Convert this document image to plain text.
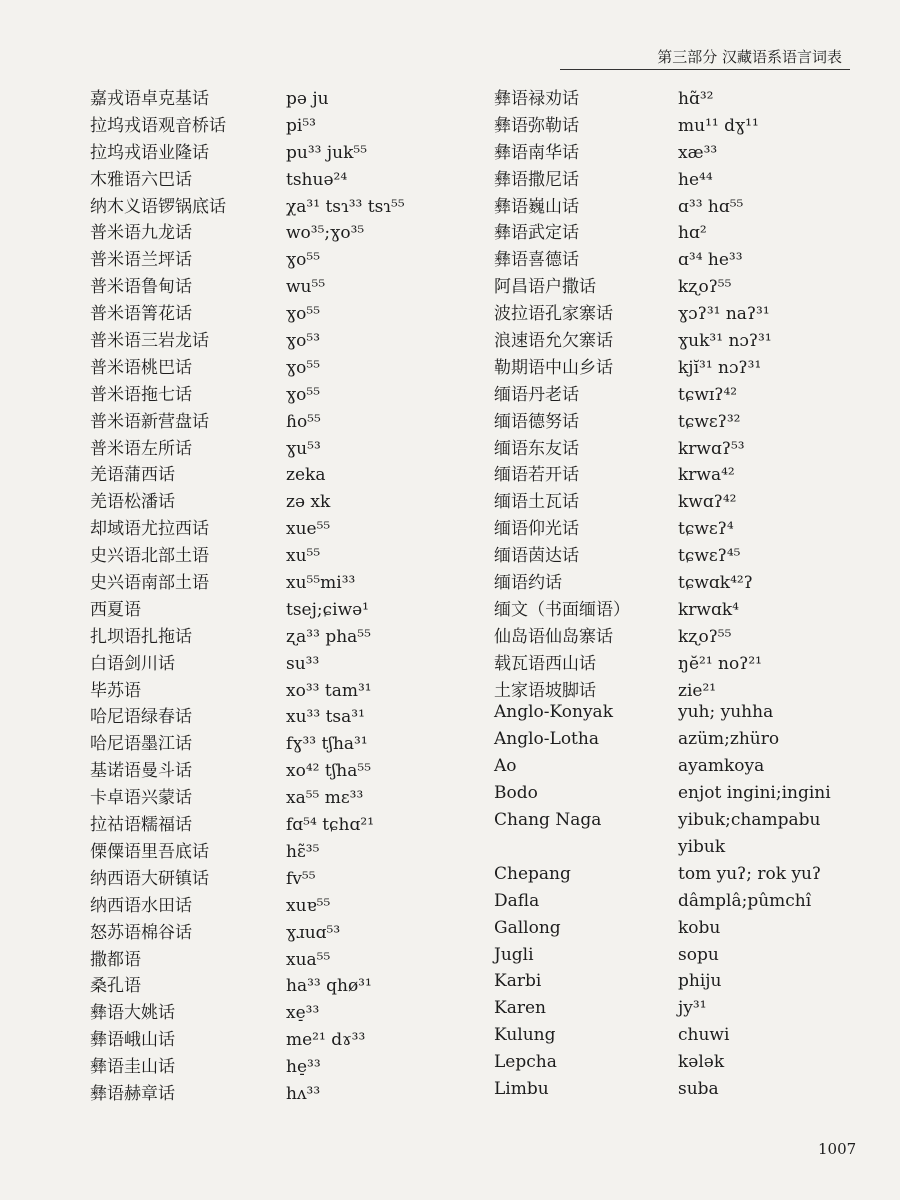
第三部分 汉藏语系语言词表
嘉戎语卓克基话	pə ju
拉坞戎语观音桥话	pi⁵³
拉坞戎语业隆话	pu³³ juk⁵⁵
木雅语六巴话	tshuə²⁴
纳木义语锣锅底话	χa³¹ tsɿ³³ tsɿ⁵⁵
普米语九龙话	wo³⁵;ɣo³⁵
普米语兰坪话	ɣo⁵⁵
普米语鲁甸话	wu⁵⁵
普米语箐花话	ɣo⁵⁵
普米语三岩龙话	ɣo⁵³
普米语桃巴话	ɣo⁵⁵
普米语拖七话	ɣo⁵⁵
普米语新营盘话	ɦo⁵⁵
普米语左所话	ɣu⁵³
羌语蒲西话	zeka
羌语松潘话	zə xk
却域语尤拉西话	xue⁵⁵
史兴语北部土语	xu⁵⁵
史兴语南部土语	xu⁵⁵mi³³
西夏语	tsej;ɕiwə¹
扎坝语扎拖话	ʐa³³ pha⁵⁵
白语剑川话	su³³
毕苏语	xo³³ tam³¹
哈尼语绿春话	xu³³ tsa³¹
哈尼语墨江话	fɣ³³ tʃha³¹
基诺语曼斗话	xo⁴² tʃha⁵⁵
卡卓语兴蒙话	xa⁵⁵ mɛ³³
拉祜语糯福话	fɑ⁵⁴ tɕhɑ²¹
傈僳语里吾底话	hɛ̃³⁵
纳西语大研镇话	fv⁵⁵
纳西语水田话	xuɐ⁵⁵
怒苏语棉谷话	ɣɹuɑ⁵³
撒都语	xua⁵⁵
桑孔语	ha³³ qhø³¹
彝语大姚话	xe̠³³
彝语峨山话	me²¹ dɤ³³
彝语圭山话	he̠³³
彝语赫章话	hʌ³³
彝语禄劝话	hɑ̃³²
彝语弥勒话	mu¹¹ dɣ¹¹
彝语南华话	xæ³³
彝语撒尼话	he⁴⁴
彝语巍山话	ɑ³³ hɑ⁵⁵
彝语武定话	hɑ²
彝语喜德话	ɑ³⁴ he³³
阿昌语户撒话	kʐoʔ⁵⁵
波拉语孔家寨话	ɣɔʔ³¹ naʔ³¹
浪速语允欠寨话	ɣuk³¹ nɔʔ³¹
勒期语中山乡话	kjĭ³¹ nɔʔ³¹
缅语丹老话	tɕwɪʔ⁴²
缅语德努话	tɕwɛʔ³²
缅语东友话	krwɑʔ⁵³
缅语若开话	krwa⁴²
缅语土瓦话	kwɑʔ⁴²
缅语仰光话	tɕwɛʔ⁴
缅语茵达话	tɕwɛʔ⁴⁵
缅语约话	tɕwɑk⁴²ʔ
缅文（书面缅语）	krwɑk⁴
仙岛语仙岛寨话	kʐoʔ⁵⁵
载瓦语西山话	ŋĕ²¹ noʔ²¹
土家语坡脚话	zie²¹
Anglo-Konyak	yuh; yuhha
Anglo-Lotha	azüm;zhüro
Ao	ayamkoya
Bodo	enjot ingini;ingini
Chang Naga	yibuk;champabu
yibuk
Chepang	tom yuʔ; rok yuʔ
Dafla	dâmplâ;pûmchî
Gallong	kobu
Jugli	sopu
Karbi	phiju
Karen	jy³¹
Kulung	chuwi
Lepcha	kələk
Limbu	suba
1007
